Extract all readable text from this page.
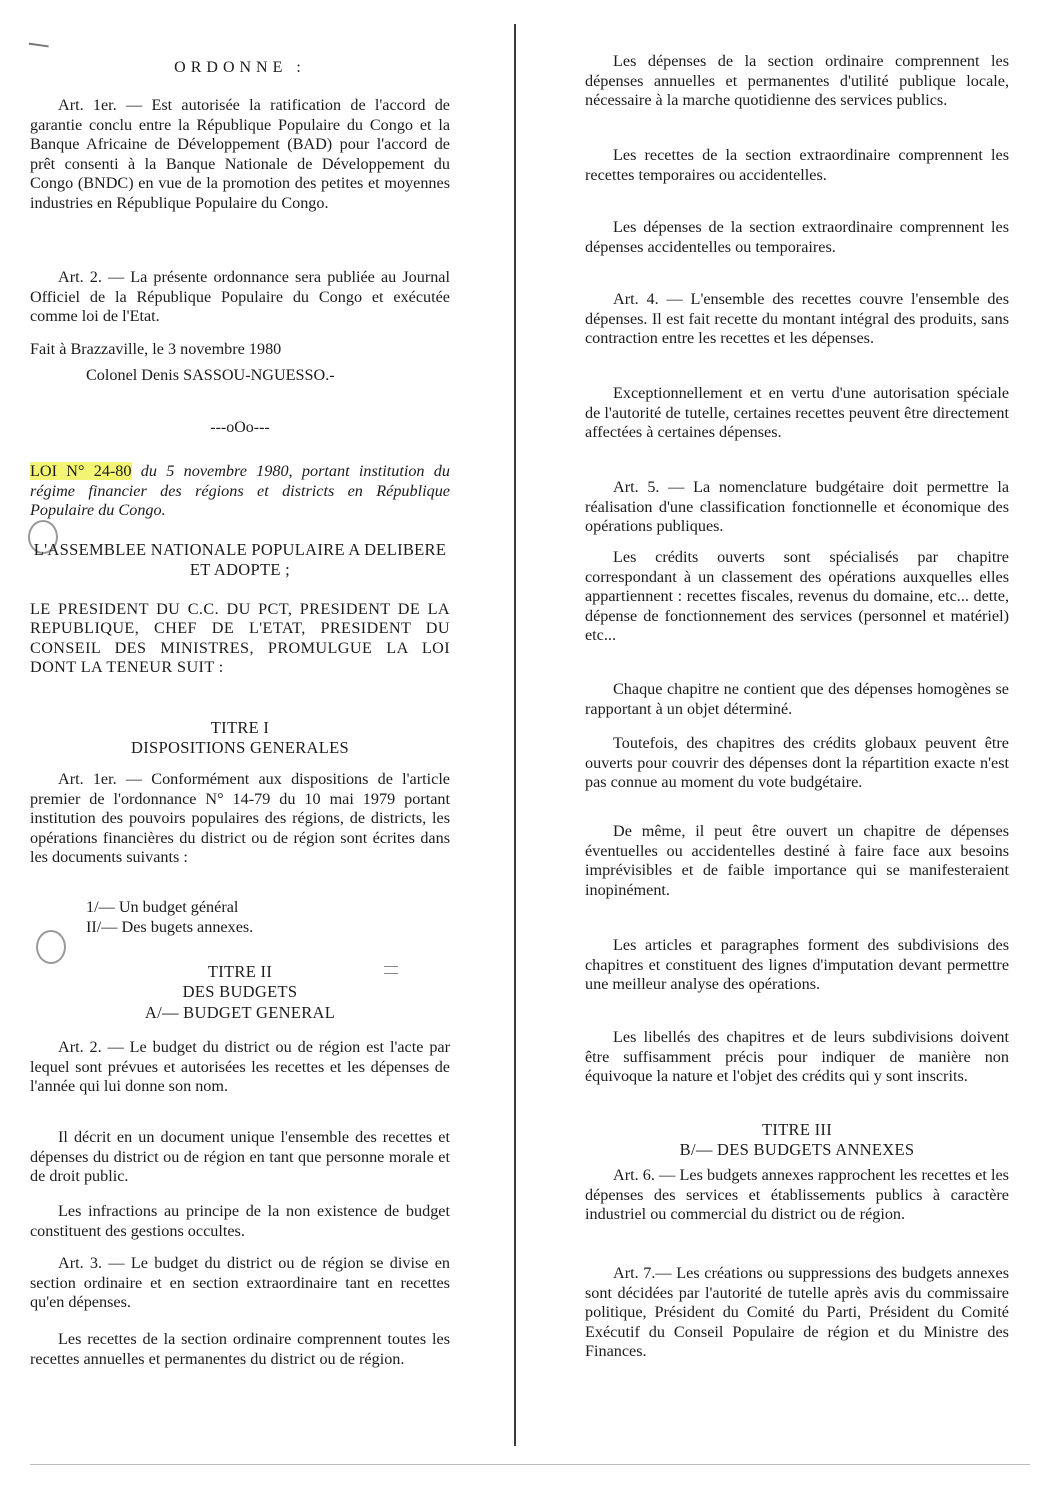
ORDONNE :

Art. 1er. — Est autorisée la ratification de l'accord de garantie conclu entre la République Populaire du Congo et la Banque Africaine de Développement (BAD) pour l'accord de prêt consenti à la Banque Nationale de Développement du Congo (BNDC) en vue de la promotion des petites et moyennes industries en République Populaire du Congo.

Art. 2. — La présente ordonnance sera publiée au Journal Officiel de la République Populaire du Congo et exécutée comme loi de l'Etat.

Fait à Brazzaville, le 3 novembre 1980

Colonel Denis SASSOU-NGUESSO.-

---oOo---

LOI N° 24-80 du 5 novembre 1980, portant institution du régime financier des régions et districts en République Populaire du Congo.

L'ASSEMBLEE NATIONALE POPULAIRE A DELIBERE ET ADOPTE ;
LE PRESIDENT DU C.C. DU PCT, PRESIDENT DE LA REPUBLIQUE, CHEF DE L'ETAT, PRESIDENT DU CONSEIL DES MINISTRES, PROMULGUE LA LOI DONT LA TENEUR SUIT :
TITRE I
DISPOSITIONS GENERALES

Art. 1er. — Conformément aux dispositions de l'article premier de l'ordonnance N° 14-79 du 10 mai 1979 portant institution des pouvoirs populaires des régions, de districts, les opérations financières du district ou de région sont écrites dans les documents suivants :

1/— Un budget général
II/— Des bugets annexes.
TITRE II
DES BUDGETS
A/— BUDGET GENERAL

Art. 2. — Le budget du district ou de région est l'acte par lequel sont prévues et autorisées les recettes et les dépenses de l'année qui lui donne son nom.

Il décrit en un document unique l'ensemble des recettes et dépenses du district ou de région en tant que personne morale et de droit public.

Les infractions au principe de la non existence de budget constituent des gestions occultes.

Art. 3. — Le budget du district ou de région se divise en section ordinaire et en section extraordinaire tant en recettes qu'en dépenses.

Les recettes de la section ordinaire comprennent toutes les recettes annuelles et permanentes du district ou de région.

Les dépenses de la section ordinaire comprennent les dépenses annuelles et permanentes d'utilité publique locale, nécessaire à la marche quotidienne des services publics.

Les recettes de la section extraordinaire comprennent les recettes temporaires ou accidentelles.

Les dépenses de la section extraordinaire comprennent les dépenses accidentelles ou temporaires.

Art. 4. — L'ensemble des recettes couvre l'ensemble des dépenses. Il est fait recette du montant intégral des produits, sans contraction entre les recettes et les dépenses.

Exceptionnellement et en vertu d'une autorisation spéciale de l'autorité de tutelle, certaines recettes peuvent être directement affectées à certaines dépenses.

Art. 5. — La nomenclature budgétaire doit permettre la réalisation d'une classification fonctionnelle et économique des opérations publiques.

Les crédits ouverts sont spécialisés par chapitre correspondant à un classement des opérations auxquelles elles appartiennent : recettes fiscales, revenus du domaine, etc... dette, dépense de fonctionnement des services (personnel et matériel) etc...

Chaque chapitre ne contient que des dépenses homogènes se rapportant à un objet déterminé.

Toutefois, des chapitres des crédits globaux peuvent être ouverts pour couvrir des dépenses dont la répartition exacte n'est pas connue au moment du vote budgétaire.

De même, il peut être ouvert un chapitre de dépenses éventuelles ou accidentelles destiné à faire face aux besoins imprévisibles et de faible importance qui se manifesteraient inopinément.

Les articles et paragraphes forment des subdivisions des chapitres et constituent des lignes d'imputation devant permettre une meilleur analyse des opérations.

Les libellés des chapitres et de leurs subdivisions doivent être suffisamment précis pour indiquer de manière non équivoque la nature et l'objet des crédits qui y sont inscrits.

TITRE III
B/— DES BUDGETS ANNEXES

Art. 6. — Les budgets annexes rapprochent les recettes et les dépenses des services et établissements publics à caractère industriel ou commercial du district ou de région.

Art. 7.— Les créations ou suppressions des budgets annexes sont décidées par l'autorité de tutelle après avis du commissaire politique, Président du Comité du Parti, Président du Comité Exécutif du Conseil Populaire de région et du Ministre des Finances.
